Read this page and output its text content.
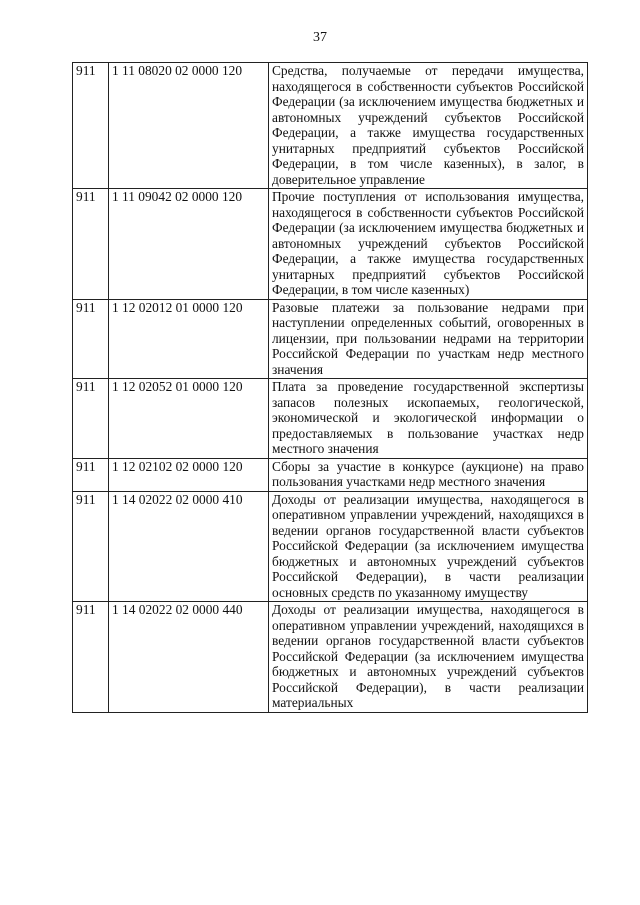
37
911	1 11 08020 02 0000 120	Средства, получаемые от передачи имущества, находящегося в собственности субъектов Российской Федерации (за исключением имущества бюджетных и автономных учреждений субъектов Российской Федерации, а также имущества государственных унитарных предприятий субъектов Российской Федерации, в том числе казенных), в залог, в доверительное управление
911	1 11 09042 02 0000 120	Прочие поступления от использования имущества, находящегося в собственности субъектов Российской Федерации (за исключением имущества бюджетных и автономных учреждений субъектов Российской Федерации, а также имущества государственных унитарных предприятий субъектов Российской Федерации, в том числе казенных)
911	1 12 02012 01 0000 120	Разовые платежи за пользование недрами при наступлении определенных событий, оговоренных в лицензии, при пользовании недрами на территории Российской Федерации по участкам недр местного значения
911	1 12 02052 01 0000 120	Плата за проведение государственной экспертизы запасов полезных ископаемых, геологической, экономической и экологической информации о предоставляемых в пользование участках недр местного значения
911	1 12 02102 02 0000 120	Сборы за участие в конкурсе (аукционе) на право пользования участками недр местного значения
911	1 14 02022 02 0000 410	Доходы от реализации имущества, находящегося в оперативном управлении учреждений, находящихся в ведении органов государственной власти субъектов Российской Федерации (за исключением имущества бюджетных и автономных учреждений субъектов Российской Федерации), в части реализации основных средств по указанному имуществу
911	1 14 02022 02 0000 440	Доходы от реализации имущества, находящегося в оперативном управлении учреждений, находящихся в ведении органов государственной власти субъектов Российской Федерации (за исключением имущества бюджетных и автономных учреждений субъектов Российской Федерации), в части реализации материальных
